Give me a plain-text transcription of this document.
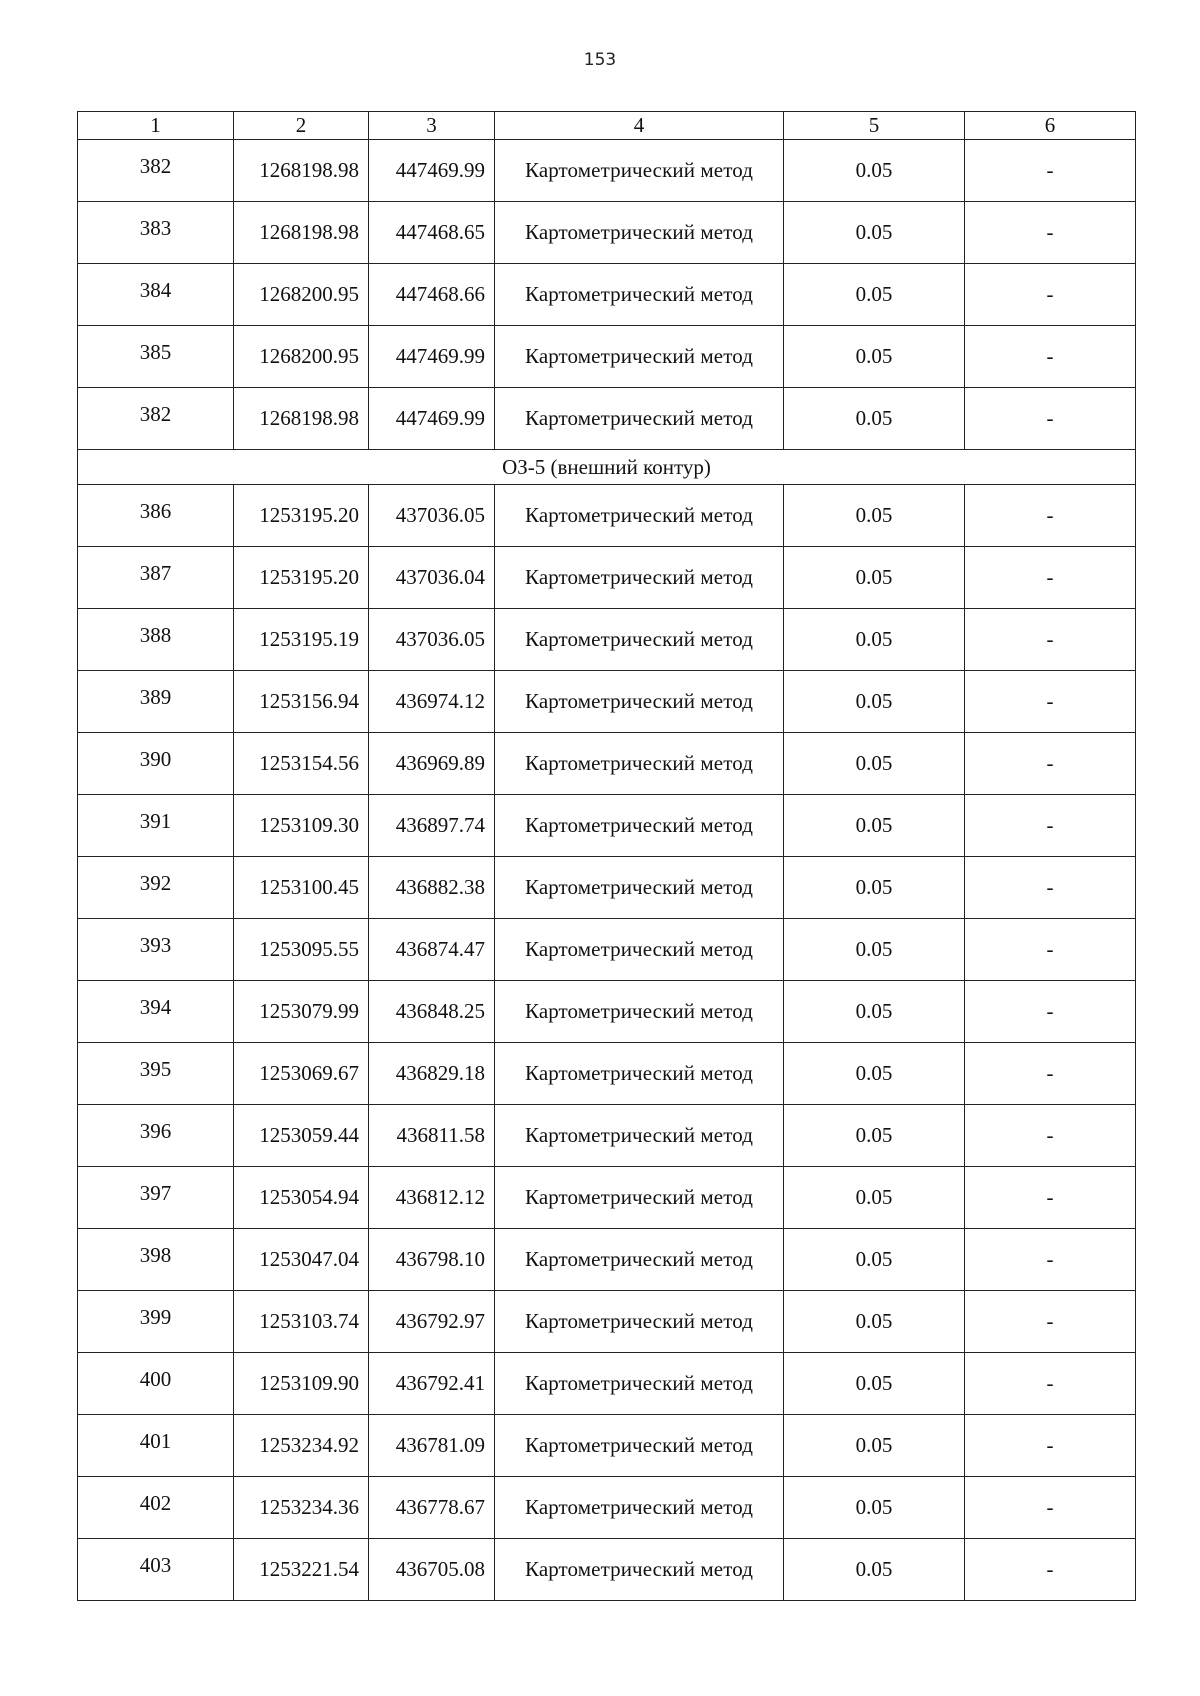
153
1	2	3	4	5	6
382	1268198.98	447469.99	Картометрический метод	0.05	-
383	1268198.98	447468.65	Картометрический метод	0.05	-
384	1268200.95	447468.66	Картометрический метод	0.05	-
385	1268200.95	447469.99	Картометрический метод	0.05	-
382	1268198.98	447469.99	Картометрический метод	0.05	-
ОЗ-5 (внешний контур)					
386	1253195.20	437036.05	Картометрический метод	0.05	-
387	1253195.20	437036.04	Картометрический метод	0.05	-
388	1253195.19	437036.05	Картометрический метод	0.05	-
389	1253156.94	436974.12	Картометрический метод	0.05	-
390	1253154.56	436969.89	Картометрический метод	0.05	-
391	1253109.30	436897.74	Картометрический метод	0.05	-
392	1253100.45	436882.38	Картометрический метод	0.05	-
393	1253095.55	436874.47	Картометрический метод	0.05	-
394	1253079.99	436848.25	Картометрический метод	0.05	-
395	1253069.67	436829.18	Картометрический метод	0.05	-
396	1253059.44	436811.58	Картометрический метод	0.05	-
397	1253054.94	436812.12	Картометрический метод	0.05	-
398	1253047.04	436798.10	Картометрический метод	0.05	-
399	1253103.74	436792.97	Картометрический метод	0.05	-
400	1253109.90	436792.41	Картометрический метод	0.05	-
401	1253234.92	436781.09	Картометрический метод	0.05	-
402	1253234.36	436778.67	Картометрический метод	0.05	-
403	1253221.54	436705.08	Картометрический метод	0.05	-
